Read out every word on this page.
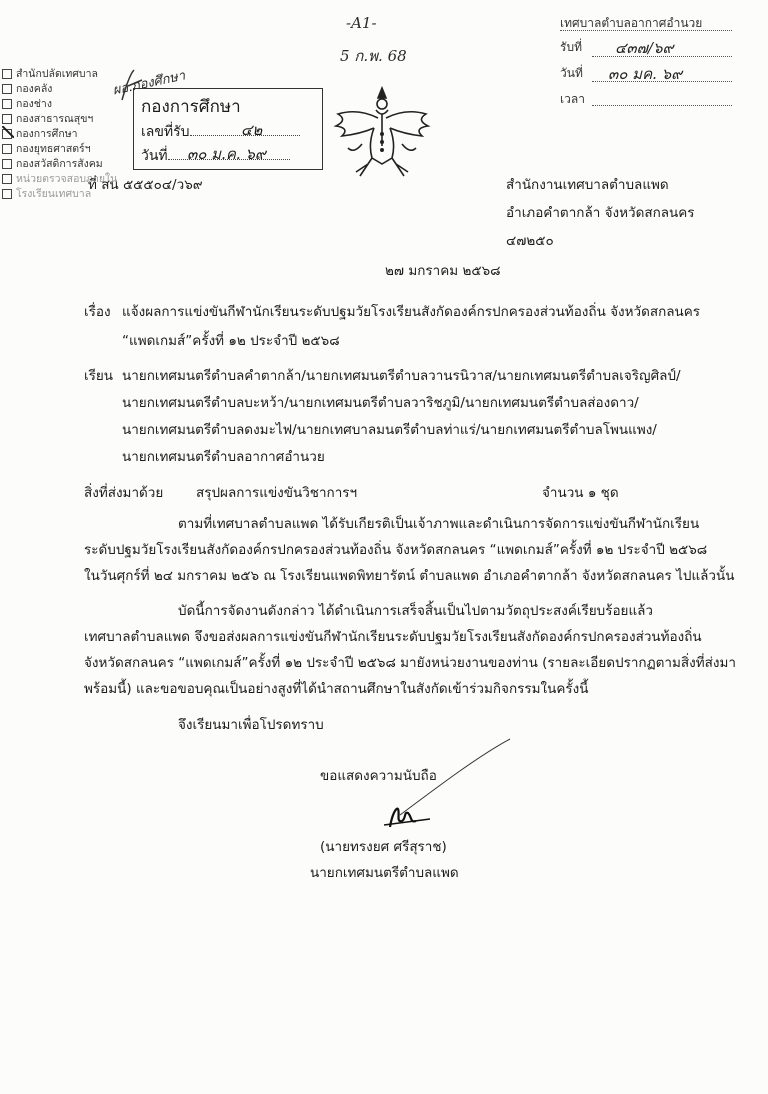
-A1-
5 ก.พ. 68
เทศบาลตำบลอากาศอำนวย
รับที่ ๔๓๗/๖๙
วันที่ ๓๐ มค. ๖๙
เวลา
สำนักปลัดเทศบาล
กองคลัง
กองช่าง
กองสาธารณสุขฯ
กองการศึกษา
กองยุทธศาสตร์ฯ
กองสวัสดิการสังคม
หน่วยตรวจสอบภายใน
โรงเรียนเทศบาล
ผอ.กองศึกษา
กองการศึกษา
เลขที่รับ	๔๒
วันที่ ๓๐ ม.ค. ๖๙
ที่ สน ๕๕๕๐๔/ว๖๙	สำนักงานเทศบาลตำบลแพด
อำเภอคำตากล้า จังหวัดสกลนคร
๔๗๒๕๐
๒๗ มกราคม ๒๕๖๘
เรื่อง แจ้งผลการแข่งขันกีฬานักเรียนระดับปฐมวัยโรงเรียนสังกัดองค์กรปกครองส่วนท้องถิ่น จังหวัดสกลนคร
“แพดเกมส์”ครั้งที่ ๑๒ ประจำปี ๒๕๖๘
เรียน นายกเทศมนตรีตำบลคำตากล้า/นายกเทศมนตรีตำบลวานรนิวาส/นายกเทศมนตรีตำบลเจริญศิลป์/
นายกเทศมนตรีตำบลบะหว้า/นายกเทศมนตรีตำบลวาริชภูมิ/นายกเทศมนตรีตำบลส่องดาว/
นายกเทศมนตรีตำบลดงมะไฟ/นายกเทศบาลมนตรีตำบลท่าแร่/นายกเทศมนตรีตำบลโพนแพง/
นายกเทศมนตรีตำบลอากาศอำนวย
สิ่งที่ส่งมาด้วย สรุปผลการแข่งขันวิชาการฯ	จำนวน ๑ ชุด
ตามที่เทศบาลตำบลแพด ได้รับเกียรติเป็นเจ้าภาพและดำเนินการจัดการแข่งขันกีฬานักเรียน
ระดับปฐมวัยโรงเรียนสังกัดองค์กรปกครองส่วนท้องถิ่น จังหวัดสกลนคร “แพดเกมส์”ครั้งที่ ๑๒ ประจำปี ๒๕๖๘
ในวันศุกร์ที่ ๒๔ มกราคม ๒๕๖ ณ โรงเรียนแพดพิทยารัตน์ ตำบลแพด อำเภอคำตากล้า จังหวัดสกลนคร ไปแล้วนั้น
บัดนี้การจัดงานดังกล่าว ได้ดำเนินการเสร็จสิ้นเป็นไปตามวัตถุประสงค์เรียบร้อยแล้ว
เทศบาลตำบลแพด จึงขอส่งผลการแข่งขันกีฬานักเรียนระดับปฐมวัยโรงเรียนสังกัดองค์กรปกครองส่วนท้องถิ่น
จังหวัดสกลนคร “แพดเกมส์”ครั้งที่ ๑๒ ประจำปี ๒๕๖๘ มายังหน่วยงานของท่าน (รายละเอียดปรากฏตามสิ่งที่ส่งมา
พร้อมนี้) และขอขอบคุณเป็นอย่างสูงที่ได้นำสถานศึกษาในสังกัดเข้าร่วมกิจกรรมในครั้งนี้
จึงเรียนมาเพื่อโปรดทราบ
ขอแสดงความนับถือ
(นายทรงยศ ศรีสุราช)
นายกเทศมนตรีตำบลแพด
